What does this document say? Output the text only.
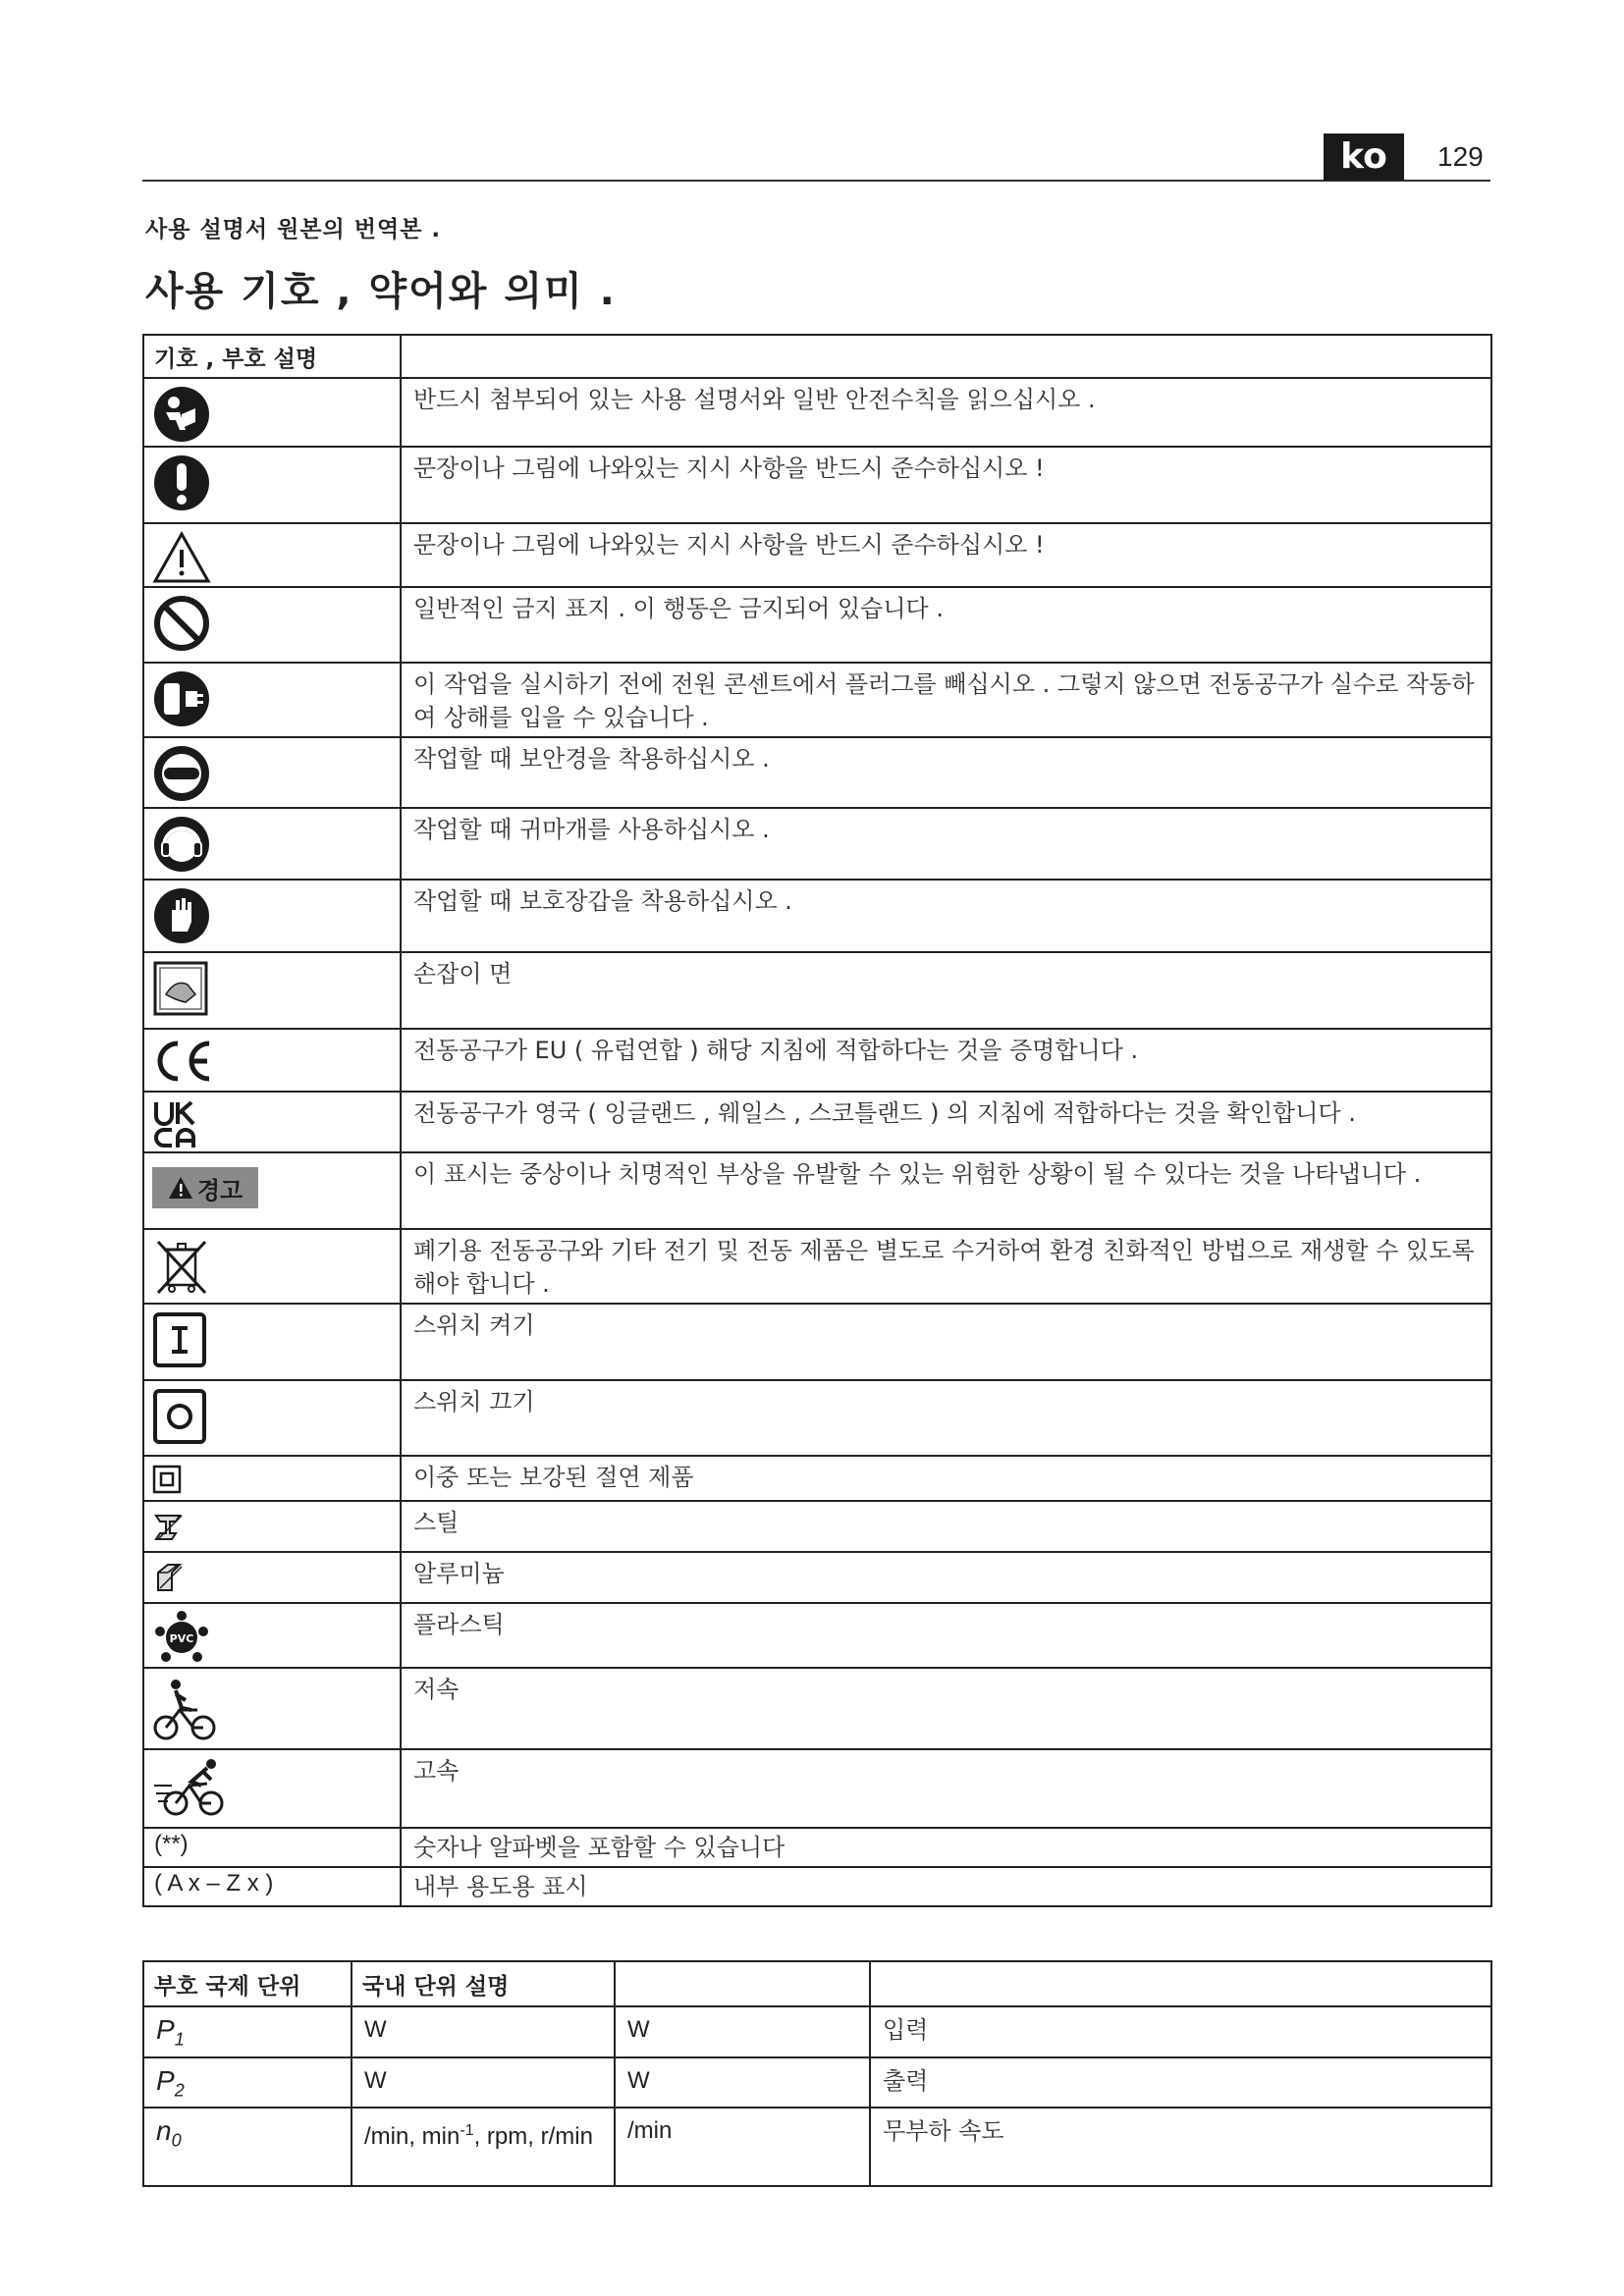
ko	129
사용 설명서 원본의 번역본 .
사용 기호 , 약어와 의미 .
기호 , 부호 설명	

반드시 첨부되어 있는 사용 설명서와 일반 안전수칙을 읽으십시오 .

문장이나 그림에 나와있는 지시 사항을 반드시 준수하십시오 !

문장이나 그림에 나와있는 지시 사항을 반드시 준수하십시오 !

일반적인 금지 표지 . 이 행동은 금지되어 있습니다 .

이 작업을 실시하기 전에 전원 콘센트에서 플러그를 빼십시오 . 그렇지 않으면 전동공구가 실수로 작동하여 상해를 입을 수 있습니다 .

작업할 때 보안경을 착용하십시오 .

작업할 때 귀마개를 사용하십시오 .

작업할 때 보호장갑을 착용하십시오 .

손잡이 면

전동공구가 EU ( 유럽연합 ) 해당 지침에 적합하다는 것을 증명합니다 .

전동공구가 영국 ( 잉글랜드 , 웨일스 , 스코틀랜드 ) 의 지침에 적합하다는 것을 확인합니다 .

경고	이 표시는 중상이나 치명적인 부상을 유발할 수 있는 위험한 상황이 될 수 있다는 것을 나타냅니다 .

폐기용 전동공구와 기타 전기 및 전동 제품은 별도로 수거하여 환경 친화적인 방법으로 재생할 수 있도록 해야 합니다 .

스위치 켜기

스위치 끄기

이중 또는 보강된 절연 제품

스틸

알루미늄

PVC	플라스틱

저속

고속

(**)	숫자나 알파벳을 포함할 수 있습니다

( A x – Z x )	내부 용도용 표시
부호 국제 단위	국내 단위 설명		
$P_1$	W	W	입력
$P_2$	W	W	출력
$n_0$	/min, $\min^{-1}$, rpm, r/min	/min	무부하 속도
